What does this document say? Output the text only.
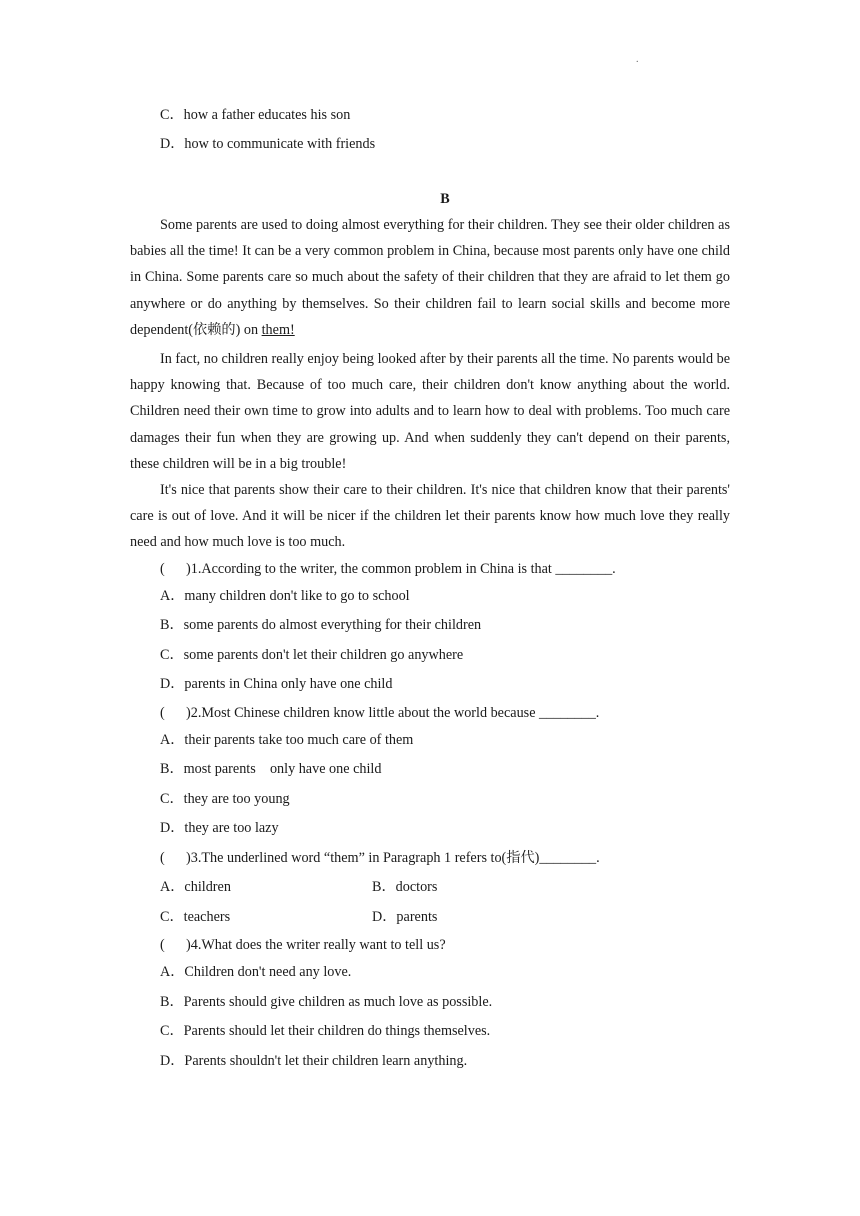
.
C．how a father educates his son
D．how to communicate with friends
B

Some parents are used to doing almost everything for their children. They see their older children as babies all the time! It can be a very common problem in China, because most parents only have one child in China. Some parents care so much about the safety of their children that they are afraid to let them go anywhere or do anything by themselves. So their children fail to learn social skills and become more dependent(依赖的) on them!

In fact, no children really enjoy being looked after by their parents all the time. No parents would be happy knowing that. Because of too much care, their children don't know anything about the world. Children need their own time to grow into adults and to learn how to deal with problems. Too much care damages their fun when they are growing up. And when suddenly they can't depend on their parents, these children will be in a big trouble!

It's nice that parents show their care to their children. It's nice that children know that their parents' care is out of love. And it will be nicer if the children let their parents know how much love they really need and how much love is too much.

(      )1.According to the writer, the common problem in China is that ________.
A．many children don't like to go to school
B．some parents do almost everything for their children
C．some parents don't let their children go anywhere
D．parents in China only have one child
(      )2.Most Chinese children know little about the world because ________.
A．their parents take too much care of them
B．most parents    only have one child
C．they are too young
D．they are too lazy
(      )3.The underlined word “them” in Paragraph 1 refers to(指代)________.
A．children	B．doctors
C．teachers	D．parents
(      )4.What does the writer really want to tell us?
A．Children don't need any love.
B．Parents should give children as much love as possible.
C．Parents should let their children do things themselves.
D．Parents shouldn't let their children learn anything.
